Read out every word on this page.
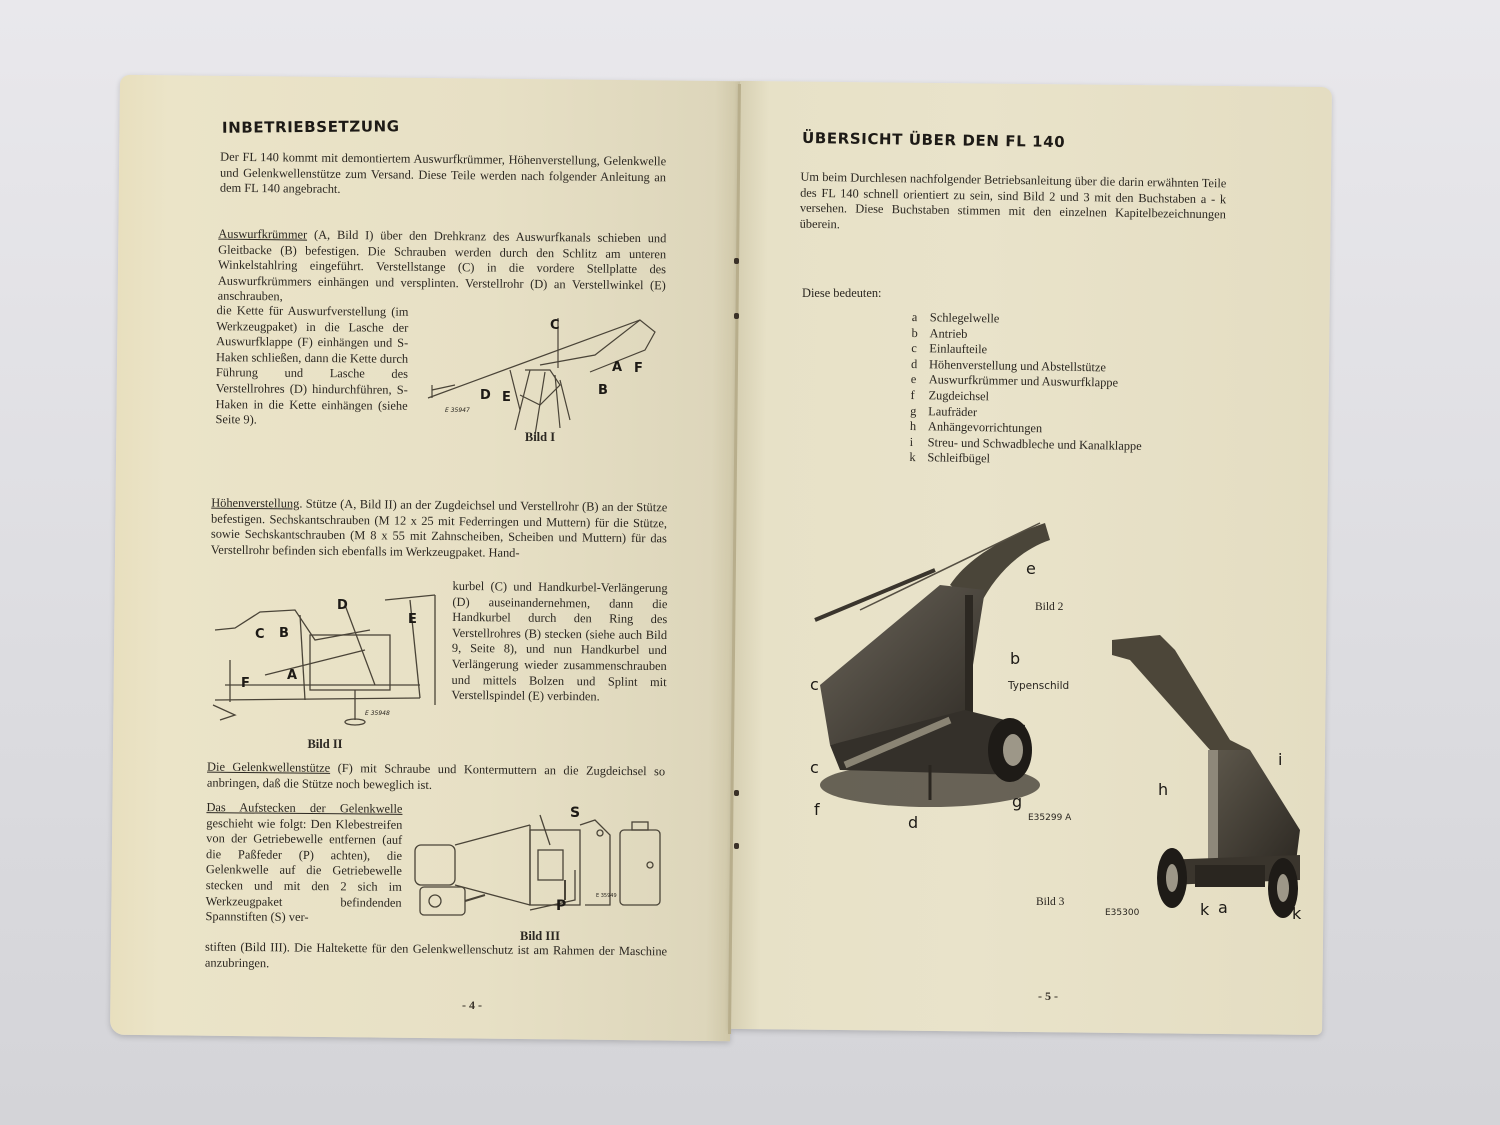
INBETRIEBSETZUNG
Der FL 140 kommt mit demontiertem Auswurfkrümmer, Höhenverstellung, Gelenkwelle und Gelenkwellenstütze zum Versand. Diese Teile werden nach folgender Anleitung an dem FL 140 angebracht.
Auswurfkrümmer (A, Bild I) über den Drehkranz des Auswurfkanals schieben und Gleitbacke (B) befestigen. Die Schrauben werden durch den Schlitz am unteren Winkelstahlring eingeführt. Verstellstange (C) in die vordere Stellplatte des Auswurfkrümmers einhängen und versplinten. Verstellrohr (D) an Verstellwinkel (E) anschrauben,
die Kette für Auswurfverstellung (im Werkzeugpaket) in die Lasche der Auswurfklappe (F) einhängen und S-Haken schließen, dann die Kette durch Führung und Lasche des Verstellrohres (D) hindurchführen, S-Haken in die Kette einhängen (siehe Seite 9).
C
A F
B
D E
E 35947
Bild I
Höhenverstellung. Stütze (A, Bild II) an der Zugdeichsel und Verstellrohr (B) an der Stütze befestigen. Sechskantschrauben (M 12 x 25 mit Federringen und Muttern) für die Stütze, sowie Sechskantschrauben (M 8 x 55 mit Zahnscheiben, Scheiben und Muttern) für das Verstellrohr befinden sich ebenfalls im Werkzeugpaket. Hand-
D
C B
E
A
F
E 35948
Bild II
kurbel (C) und Handkurbel-Verlängerung (D) auseinandernehmen, dann die Handkurbel durch den Ring des Verstellrohres (B) stecken (siehe auch Bild 9, Seite 8), und nun Handkurbel und Verlängerung wieder zusammenschrauben und mittels Bolzen und Splint mit Verstellspindel (E) verbinden.
Die Gelenkwellenstütze (F) mit Schraube und Kontermuttern an die Zugdeichsel so anbringen, daß die Stütze noch beweglich ist.
Das Aufstecken der Gelenkwelle geschieht wie folgt: Den Klebestreifen von der Getriebewelle entfernen (auf die Paßfeder (P) achten), die Gelenkwelle auf die Getriebewelle stecken und mit den 2 sich im Werkzeugpaket befindenden Spannstiften (S) ver-
S
P
E 35949
Bild III
stiften (Bild III). Die Haltekette für den Gelenkwellenschutz ist am Rahmen der Maschine anzubringen.
- 4 -
ÜBERSICHT ÜBER DEN FL 140
Um beim Durchlesen nachfolgender Betriebsanleitung über die darin erwähnten Teile des FL 140 schnell orientiert zu sein, sind Bild 2 und 3 mit den Buchstaben a - k versehen. Diese Buchstaben stimmen mit den einzelnen Kapitelbezeichnungen überein.
Diese bedeuten:
a Schlegelwelle
b Antrieb
c Einlaufteile
d Höhenverstellung und Abstellstütze
e Auswurfkrümmer und Auswurfklappe
f	Zugdeichsel
g Laufräder
h Anhängevorrichtungen
i	Streu- und Schwadbleche und Kanalklappe
k Schleifbügel
e
Bild 2
b
Typenschild
c
c
f
d
g
E35299 A
h
i
k a	k
Bild 3
E35300
- 5 -
